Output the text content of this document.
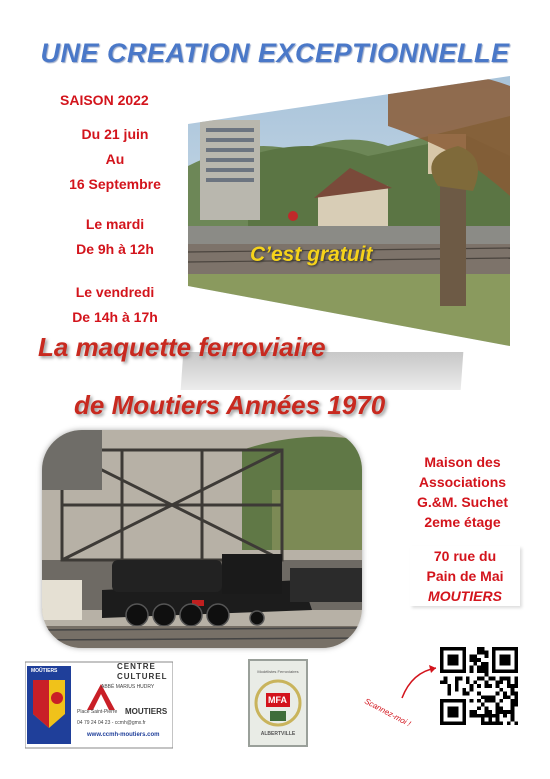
UNE CREATION EXCEPTIONNELLE
SAISON 2022
Du 21 juin
Au
16 Septembre
Le mardi
De 9h à 12h
Le vendredi
De 14h à 17h
C’est gratuit
La maquette ferroviaire
de Moutiers Années 1970
Maison des
Associations
G.&M. Suchet
2eme étage
70 rue du
Pain de Mai
MOUTIERS
MOÛTIERS	CENTRE
CULTUREL
ABBÉ MARIUS HUDRY
Place Saint-Pierre MOUTIERS
04 79 24 04 23 - ccmh@gmx.fr
www.ccmh-moutiers.com
MFA
Modélistes Ferroviaires
ALBERTVILLE
Scannez-moi !
